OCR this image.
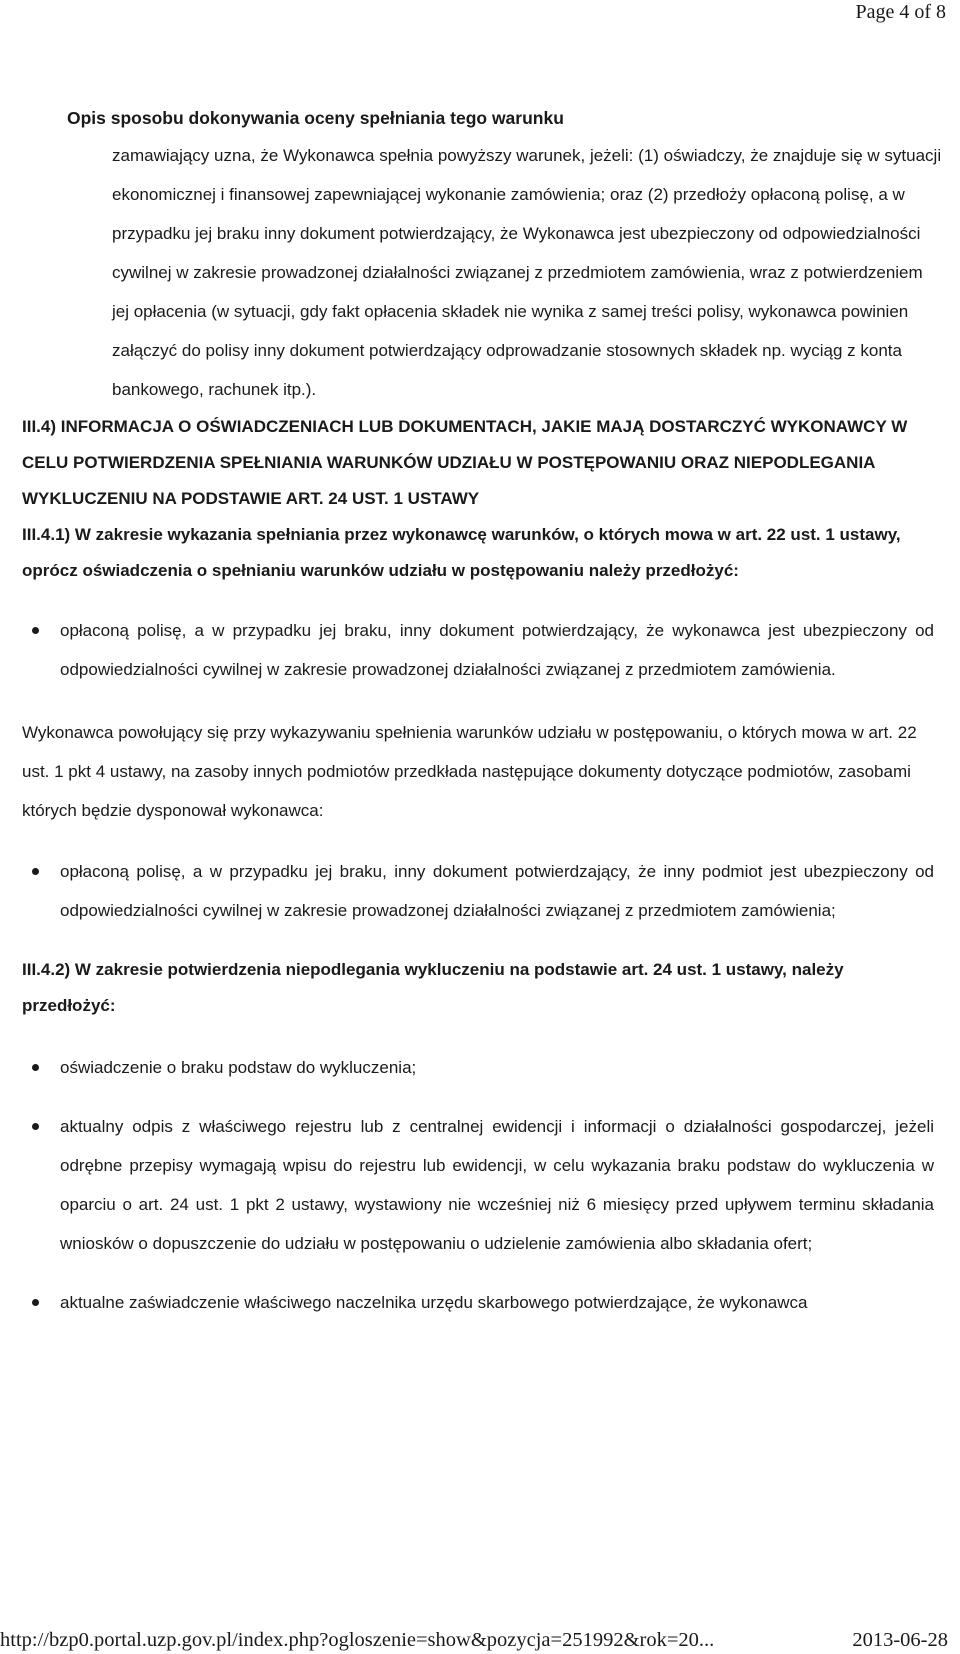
Page 4 of 8
Opis sposobu dokonywania oceny spełniania tego warunku
zamawiający uzna, że Wykonawca spełnia powyższy warunek, jeżeli: (1) oświadczy, że znajduje się w sytuacji ekonomicznej i finansowej zapewniającej wykonanie zamówienia; oraz (2) przedłoży opłaconą polisę, a w przypadku jej braku inny dokument potwierdzający, że Wykonawca jest ubezpieczony od odpowiedzialności cywilnej w zakresie prowadzonej działalności związanej z przedmiotem zamówienia, wraz z potwierdzeniem jej opłacenia (w sytuacji, gdy fakt opłacenia składek nie wynika z samej treści polisy, wykonawca powinien załączyć do polisy inny dokument potwierdzający odprowadzanie stosownych składek np. wyciąg z konta bankowego, rachunek itp.).
III.4) INFORMACJA O OŚWIADCZENIACH LUB DOKUMENTACH, JAKIE MAJĄ DOSTARCZYĆ WYKONAWCY W CELU POTWIERDZENIA SPEŁNIANIA WARUNKÓW UDZIAŁU W POSTĘPOWANIU ORAZ NIEPODLEGANIA WYKLUCZENIU NA PODSTAWIE ART. 24 UST. 1 USTAWY
III.4.1) W zakresie wykazania spełniania przez wykonawcę warunków, o których mowa w art. 22 ust. 1 ustawy, oprócz oświadczenia o spełnianiu warunków udziału w postępowaniu należy przedłożyć:
opłaconą polisę, a w przypadku jej braku, inny dokument potwierdzający, że wykonawca jest ubezpieczony od odpowiedzialności cywilnej w zakresie prowadzonej działalności związanej z przedmiotem zamówienia.
Wykonawca powołujący się przy wykazywaniu spełnienia warunków udziału w postępowaniu, o których mowa w art. 22 ust. 1 pkt 4 ustawy, na zasoby innych podmiotów przedkłada następujące dokumenty dotyczące podmiotów, zasobami których będzie dysponował wykonawca:
opłaconą polisę, a w przypadku jej braku, inny dokument potwierdzający, że inny podmiot jest ubezpieczony od odpowiedzialności cywilnej w zakresie prowadzonej działalności związanej z przedmiotem zamówienia;
III.4.2) W zakresie potwierdzenia niepodlegania wykluczeniu na podstawie art. 24 ust. 1 ustawy, należy przedłożyć:
oświadczenie o braku podstaw do wykluczenia;
aktualny odpis z właściwego rejestru lub z centralnej ewidencji i informacji o działalności gospodarczej, jeżeli odrębne przepisy wymagają wpisu do rejestru lub ewidencji, w celu wykazania braku podstaw do wykluczenia w oparciu o art. 24 ust. 1 pkt 2 ustawy, wystawiony nie wcześniej niż 6 miesięcy przed upływem terminu składania wniosków o dopuszczenie do udziału w postępowaniu o udzielenie zamówienia albo składania ofert;
aktualne zaświadczenie właściwego naczelnika urzędu skarbowego potwierdzające, że wykonawca
http://bzp0.portal.uzp.gov.pl/index.php?ogloszenie=show&pozycja=251992&rok=20...	2013-06-28
